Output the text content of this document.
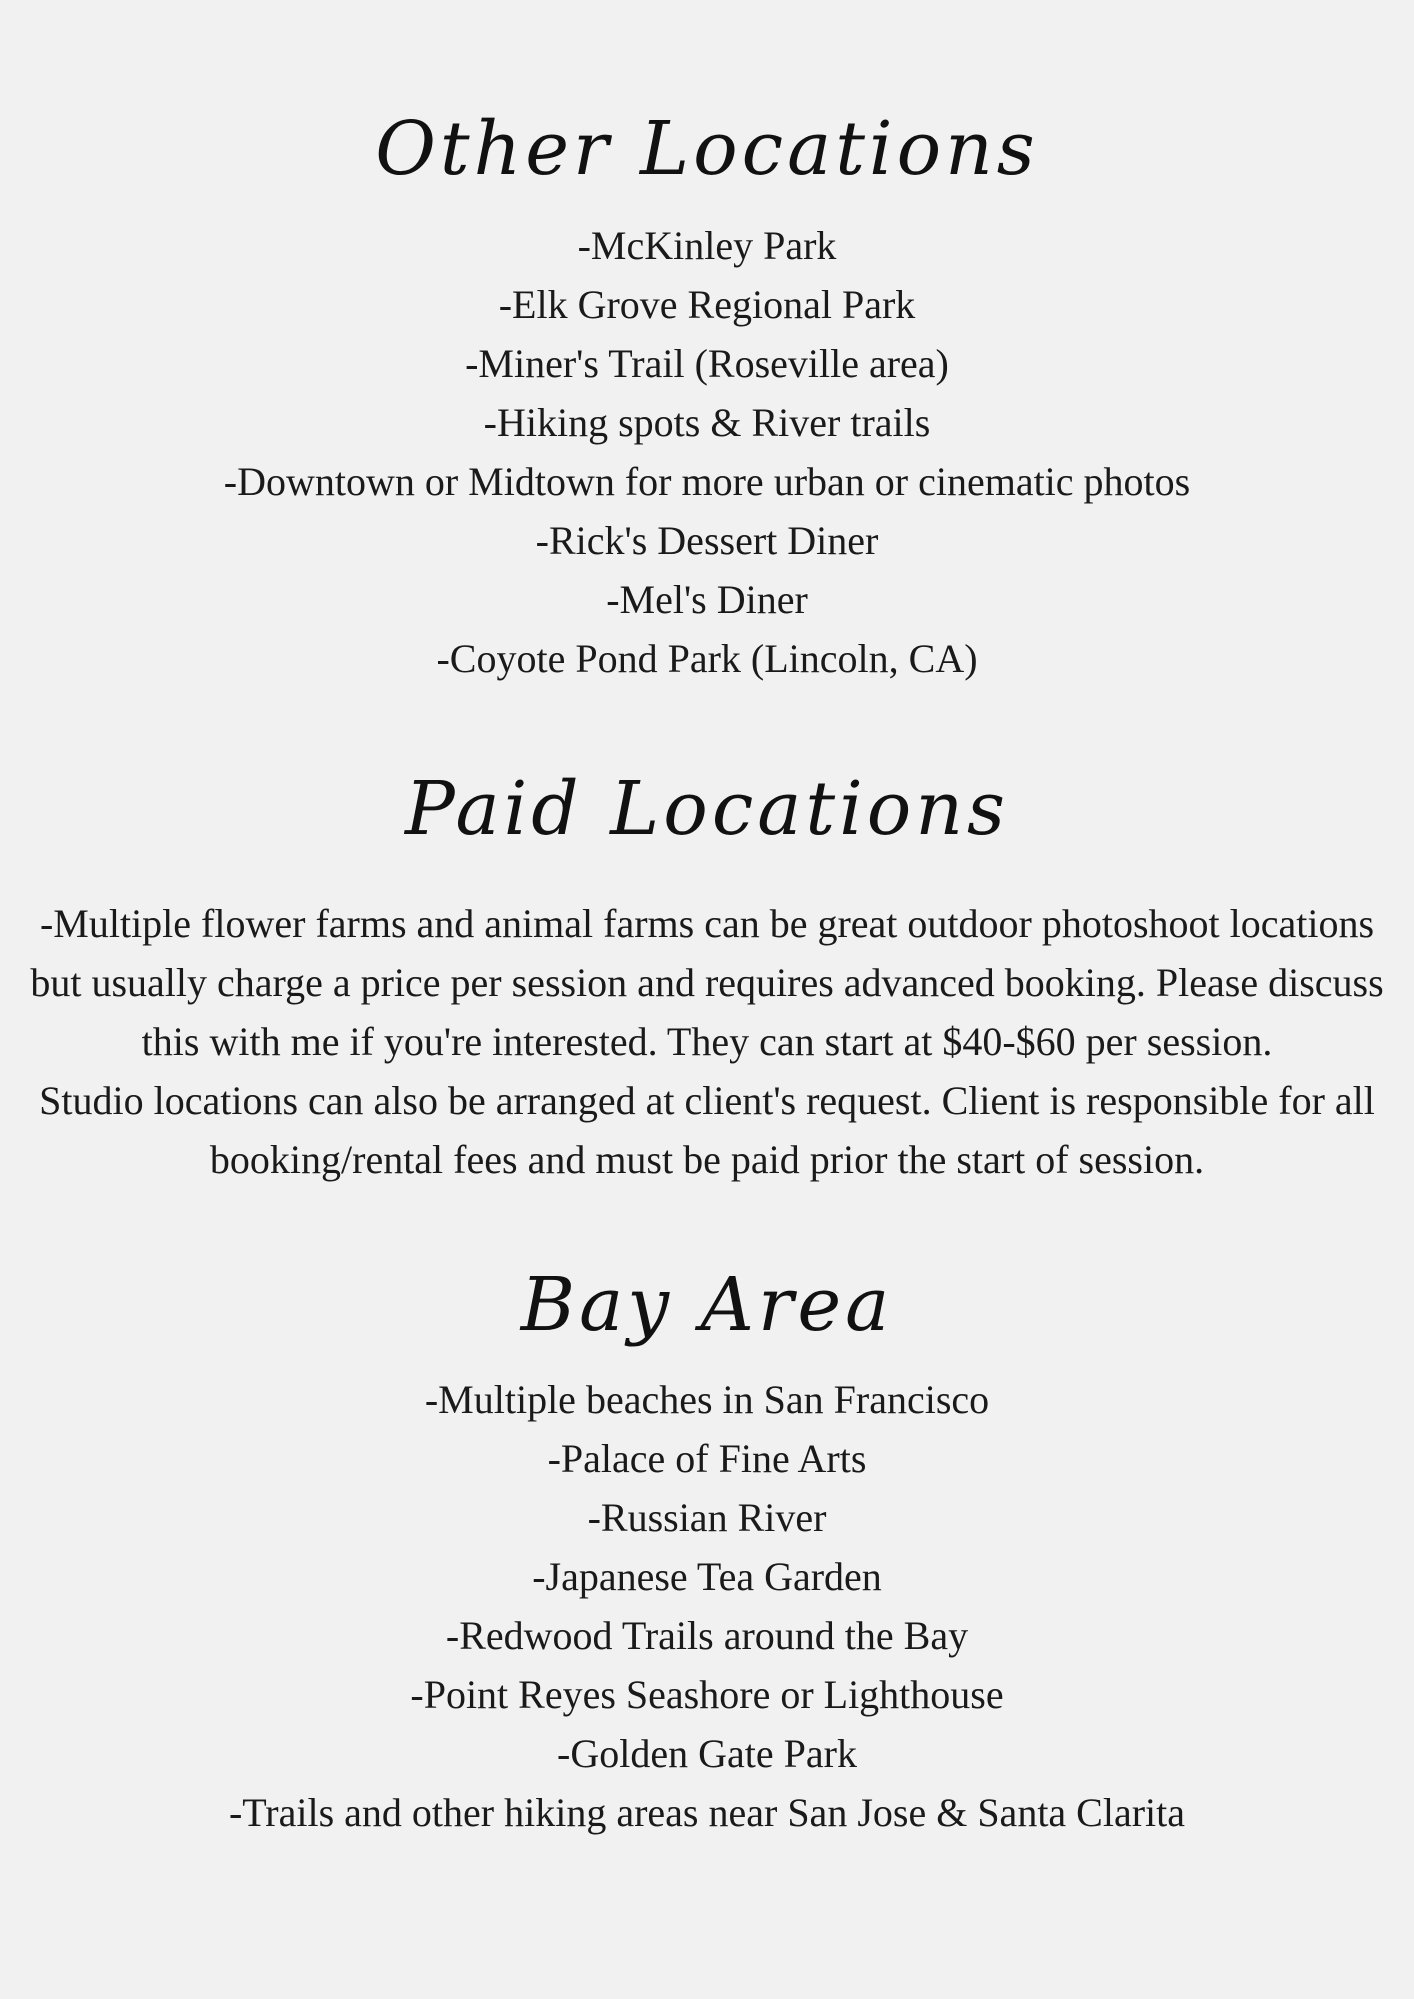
Other Locations
-McKinley Park
-Elk Grove Regional Park
-Miner's Trail (Roseville area)
-Hiking spots & River trails
-Downtown or Midtown for more urban or cinematic photos
-Rick's Dessert Diner
-Mel's Diner
-Coyote Pond Park (Lincoln, CA)
Paid Locations

-Multiple flower farms and animal farms can be great outdoor photoshoot locations
but usually charge a price per session and requires advanced booking. Please discuss
this with me if you're interested. They can start at $40-$60 per session.
Studio locations can also be arranged at client's request. Client is responsible for all
booking/rental fees and must be paid prior the start of session.

Bay Area
-Multiple beaches in San Francisco
-Palace of Fine Arts
-Russian River
-Japanese Tea Garden
-Redwood Trails around the Bay
-Point Reyes Seashore or Lighthouse
-Golden Gate Park
-Trails and other hiking areas near San Jose & Santa Clarita
